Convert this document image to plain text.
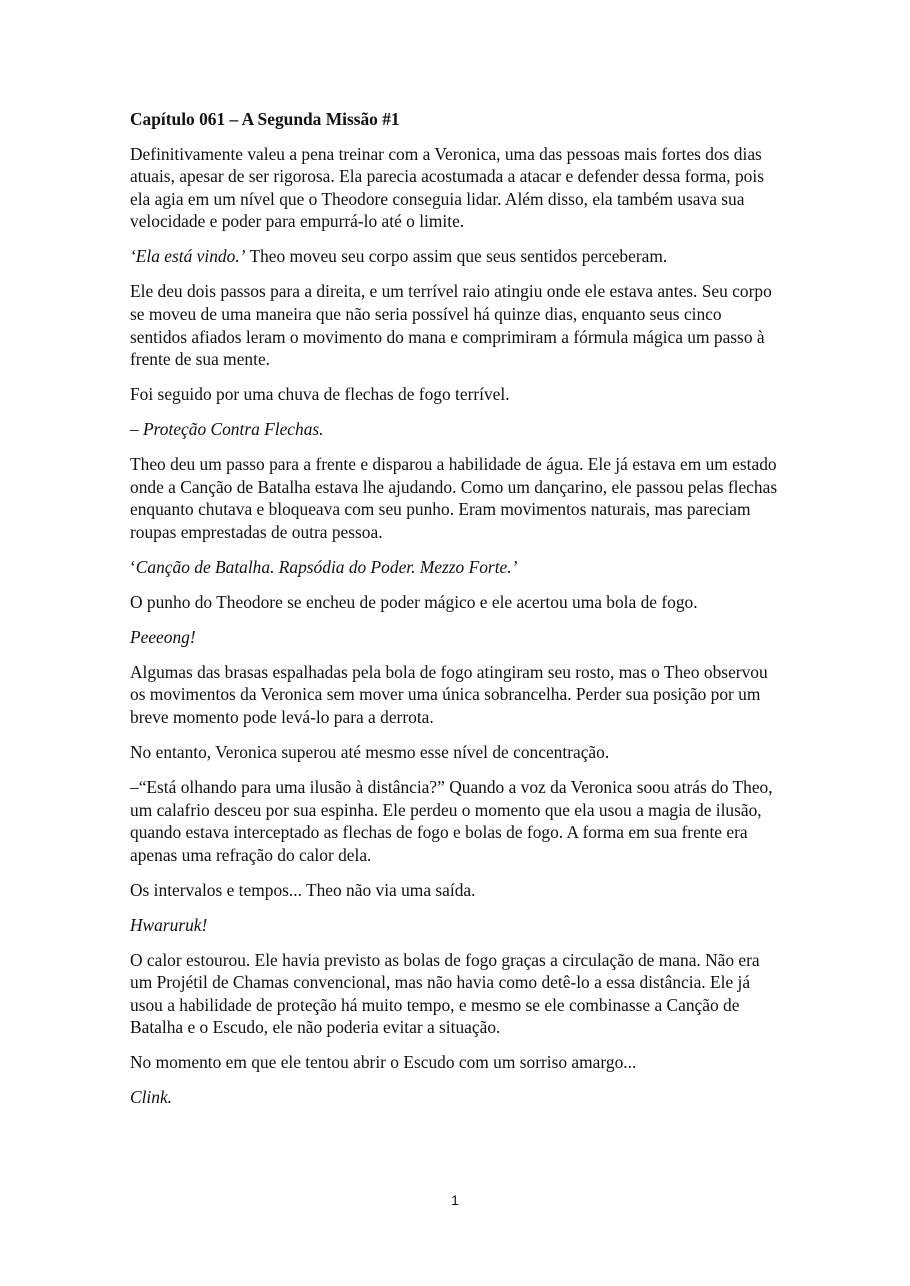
Capítulo 061 – A Segunda Missão #1

Definitivamente valeu a pena treinar com a Veronica, uma das pessoas mais fortes dos dias atuais, apesar de ser rigorosa. Ela parecia acostumada a atacar e defender dessa forma, pois ela agia em um nível que o Theodore conseguia lidar. Além disso, ela também usava sua velocidade e poder para empurrá-lo até o limite.

‘Ela está vindo.’ Theo moveu seu corpo assim que seus sentidos perceberam.

Ele deu dois passos para a direita, e um terrível raio atingiu onde ele estava antes. Seu corpo se moveu de uma maneira que não seria possível há quinze dias, enquanto seus cinco sentidos afiados leram o movimento do mana e comprimiram a fórmula mágica um passo à frente de sua mente.

Foi seguido por uma chuva de flechas de fogo terrível.

– Proteção Contra Flechas.

Theo deu um passo para a frente e disparou a habilidade de água. Ele já estava em um estado onde a Canção de Batalha estava lhe ajudando. Como um dançarino, ele passou pelas flechas enquanto chutava e bloqueava com seu punho. Eram movimentos naturais, mas pareciam roupas emprestadas de outra pessoa.

‘Canção de Batalha. Rapsódia do Poder. Mezzo Forte.’

O punho do Theodore se encheu de poder mágico e ele acertou uma bola de fogo.

Peeeong!

Algumas das brasas espalhadas pela bola de fogo atingiram seu rosto, mas o Theo observou os movimentos da Veronica sem mover uma única sobrancelha. Perder sua posição por um breve momento pode levá-lo para a derrota.

No entanto, Veronica superou até mesmo esse nível de concentração.

–“Está olhando para uma ilusão à distância?” Quando a voz da Veronica soou atrás do Theo, um calafrio desceu por sua espinha. Ele perdeu o momento que ela usou a magia de ilusão, quando estava interceptado as flechas de fogo e bolas de fogo. A forma em sua frente era apenas uma refração do calor dela.

Os intervalos e tempos... Theo não via uma saída.

Hwaruruk!

O calor estourou. Ele havia previsto as bolas de fogo graças a circulação de mana. Não era um Projétil de Chamas convencional, mas não havia como detê-lo a essa distância. Ele já usou a habilidade de proteção há muito tempo, e mesmo se ele combinasse a Canção de Batalha e o Escudo, ele não poderia evitar a situação.

No momento em que ele tentou abrir o Escudo com um sorriso amargo...

Clink.

1
